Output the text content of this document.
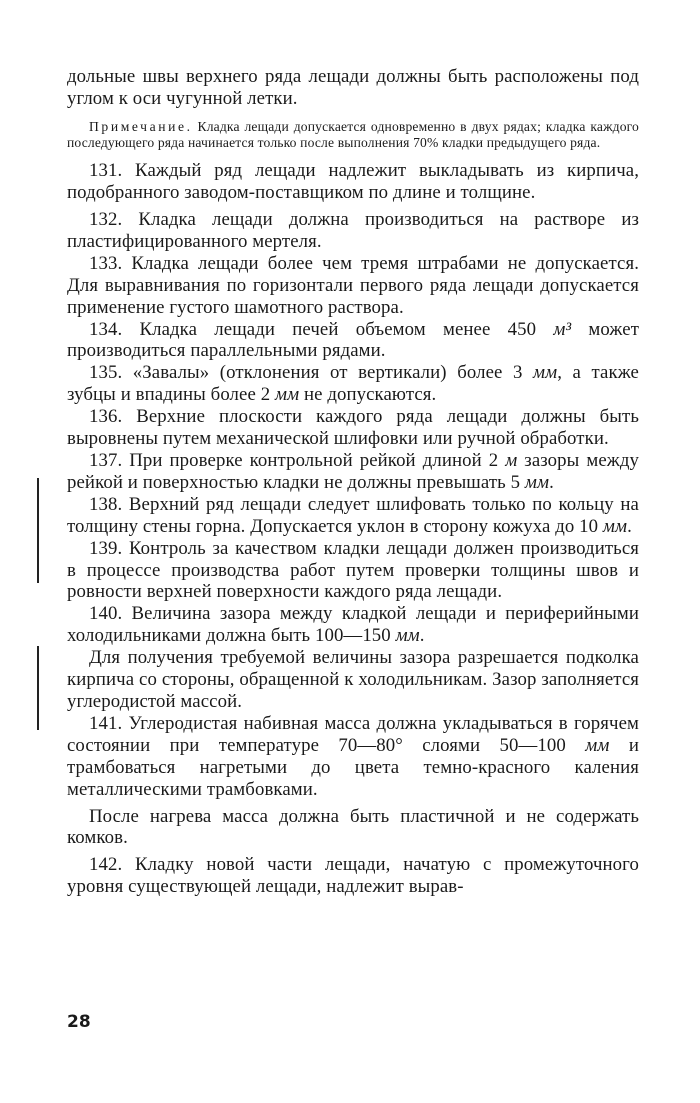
дольные швы верхнего ряда лещади должны быть расположены под углом к оси чугунной летки.

Примечание. Кладка лещади допускается одновременно в двух рядах; кладка каждого последующего ряда начинается только после выполнения 70% кладки предыдущего ряда.

131. Каждый ряд лещади надлежит выкладывать из кирпича, подобранного заводом-поставщиком по длине и толщине.

132. Кладка лещади должна производиться на растворе из пластифицированного мертеля.

133. Кладка лещади более чем тремя штрабами не допускается. Для выравнивания по горизонтали первого ряда лещади допускается применение густого шамотного раствора.

134. Кладка лещади печей объемом менее 450 м³ может производиться параллельными рядами.

135. «Завалы» (отклонения от вертикали) более 3 мм, а также зубцы и впадины более 2 мм не допускаются.

136. Верхние плоскости каждого ряда лещади должны быть выровнены путем механической шлифовки или ручной обработки.

137. При проверке контрольной рейкой длиной 2 м зазоры между рейкой и поверхностью кладки не должны превышать 5 мм.

138. Верхний ряд лещади следует шлифовать только по кольцу на толщину стены горна. Допускается уклон в сторону кожуха до 10 мм.

139. Контроль за качеством кладки лещади должен производиться в процессе производства работ путем проверки толщины швов и ровности верхней поверхности каждого ряда лещади.

140. Величина зазора между кладкой лещади и периферийными холодильниками должна быть 100—150 мм.

Для получения требуемой величины зазора разрешается подколка кирпича со стороны, обращенной к холодильникам. Зазор заполняется углеродистой массой.

141. Углеродистая набивная масса должна укладываться в горячем состоянии при температуре 70—80° слоями 50—100 мм и трамбоваться нагретыми до цвета темно-красного каления металлическими трамбовками.

После нагрева масса должна быть пластичной и не содержать комков.

142. Кладку новой части лещади, начатую с промежуточного уровня существующей лещади, надлежит вырав-

28
